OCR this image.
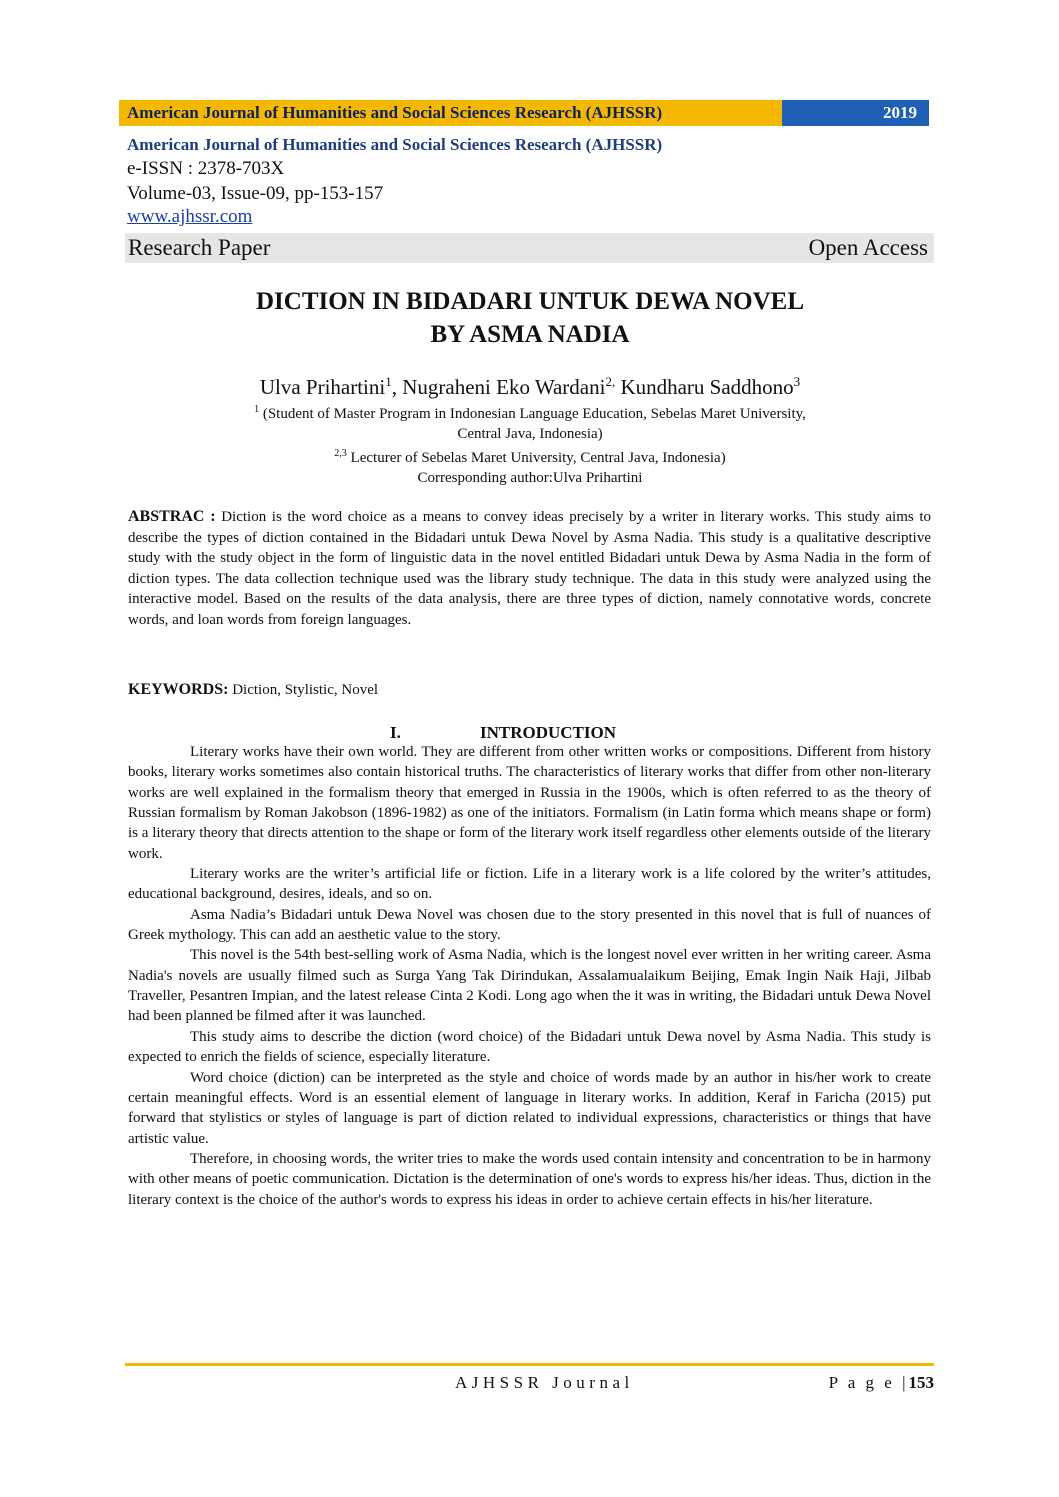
American Journal of Humanities and Social Sciences Research (AJHSSR)	2019
American Journal of Humanities and Social Sciences Research (AJHSSR)
e-ISSN : 2378-703X
Volume-03, Issue-09, pp-153-157
www.ajhssr.com
Research Paper	Open Access
DICTION IN BIDADARI UNTUK DEWA NOVEL
BY ASMA NADIA
Ulva Prihartini$^1$, Nugraheni Eko Wardani$^{2,}$ Kundharu Saddhono$^3$
$^1$ (Student of Master Program in Indonesian Language Education, Sebelas Maret University,
Central Java, Indonesia)
$^{2,3}$ Lecturer of Sebelas Maret University, Central Java, Indonesia)
Corresponding author:Ulva Prihartini
ABSTRAC : Diction is the word choice as a means to convey ideas precisely by a writer in literary works. This study aims to describe the types of diction contained in the Bidadari untuk Dewa Novel by Asma Nadia. This study is a qualitative descriptive study with the study object in the form of linguistic data in the novel entitled Bidadari untuk Dewa by Asma Nadia in the form of diction types. The data collection technique used was the library study technique. The data in this study were analyzed using the interactive model. Based on the results of the data analysis, there are three types of diction, namely connotative words, concrete words, and loan words from foreign languages.
KEYWORDS: Diction, Stylistic, Novel
I.	INTRODUCTION

Literary works have their own world. They are different from other written works or compositions. Different from history books, literary works sometimes also contain historical truths. The characteristics of literary works that differ from other non-literary works are well explained in the formalism theory that emerged in Russia in the 1900s, which is often referred to as the theory of Russian formalism by Roman Jakobson (1896-1982) as one of the initiators. Formalism (in Latin forma which means shape or form) is a literary theory that directs attention to the shape or form of the literary work itself regardless other elements outside of the literary work.

Literary works are the writer’s artificial life or fiction. Life in a literary work is a life colored by the writer’s attitudes, educational background, desires, ideals, and so on.

Asma Nadia’s Bidadari untuk Dewa Novel was chosen due to the story presented in this novel that is full of nuances of Greek mythology. This can add an aesthetic value to the story.

This novel is the 54th best-selling work of Asma Nadia, which is the longest novel ever written in her writing career. Asma Nadia's novels are usually filmed such as Surga Yang Tak Dirindukan, Assalamualaikum Beijing, Emak Ingin Naik Haji, Jilbab Traveller, Pesantren Impian, and the latest release Cinta 2 Kodi. Long ago when the it was in writing, the Bidadari untuk Dewa Novel had been planned be filmed after it was launched.

This study aims to describe the diction (word choice) of the Bidadari untuk Dewa novel by Asma Nadia. This study is expected to enrich the fields of science, especially literature.

Word choice (diction) can be interpreted as the style and choice of words made by an author in his/her work to create certain meaningful effects. Word is an essential element of language in literary works. In addition, Keraf in Faricha (2015) put forward that stylistics or styles of language is part of diction related to individual expressions, characteristics or things that have artistic value.

Therefore, in choosing words, the writer tries to make the words used contain intensity and concentration to be in harmony with other means of poetic communication. Dictation is the determination of one's words to express his/her ideas. Thus, diction in the literary context is the choice of the author's words to express his ideas in order to achieve certain effects in his/her literature.

AJHSSR Journal	P a g e |153
